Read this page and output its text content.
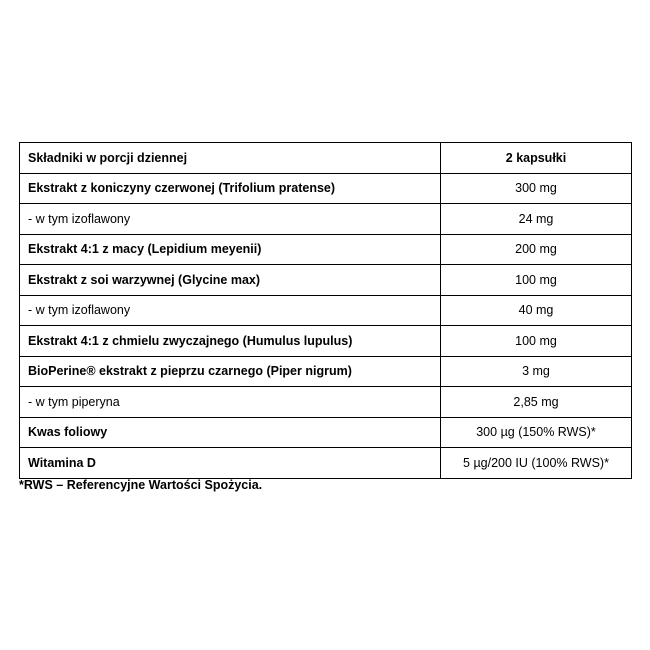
Składniki w porcji dziennej	2 kapsułki
Ekstrakt z koniczyny czerwonej (Trifolium pratense)	300 mg
- w tym izoflawony	24 mg
Ekstrakt 4:1 z macy (Lepidium meyenii)	200 mg
Ekstrakt z soi warzywnej (Glycine max)	100 mg
- w tym izoflawony	40 mg
Ekstrakt 4:1 z chmielu zwyczajnego (Humulus lupulus)	100 mg
BioPerine® ekstrakt z pieprzu czarnego (Piper nigrum)	3 mg
- w tym piperyna	2,85 mg
Kwas foliowy	300 µg (150% RWS)*
Witamina D	5 µg/200 IU (100% RWS)*
*RWS – Referencyjne Wartości Spożycia.
